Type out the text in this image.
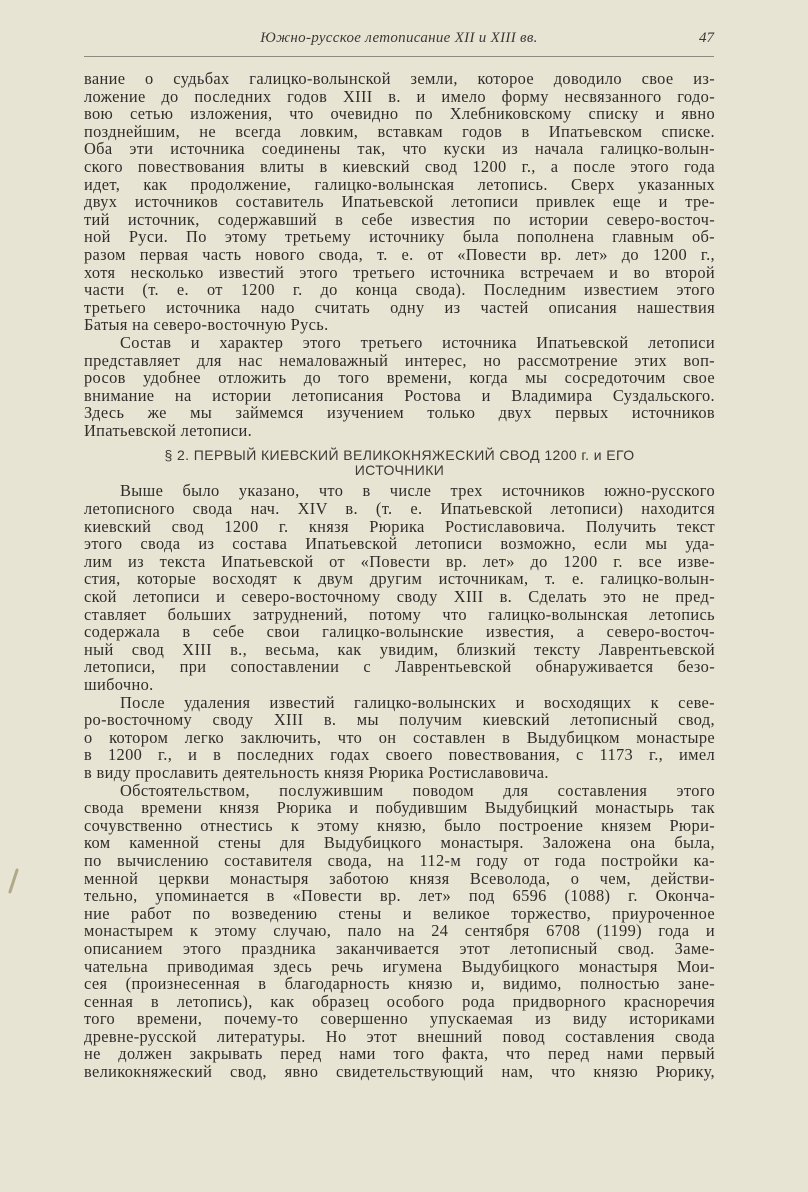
Южно-русское летописание XII и XIII вв.	47
вание о судьбах галицко-волынской земли, которое доводило свое из-
ложение до последних годов XIII в. и имело форму несвязанного годо-
вою сетью изложения, что очевидно по Хлебниковскому списку и явно
позднейшим, не всегда ловким, вставкам годов в Ипатьевском списке.
Оба эти источника соединены так, что куски из начала галицко-волын-
ского повествования влиты в киевский свод 1200 г., а после этого года
идет, как продолжение, галицко-волынская летопись. Сверх указанных
двух источников составитель Ипатьевской летописи привлек еще и тре-
тий источник, содержавший в себе известия по истории северо-восточ-
ной Руси. По этому третьему источнику была пополнена главным об-
разом первая часть нового свода, т. е. от «Повести вр. лет» до 1200 г.,
хотя несколько известий этого третьего источника встречаем и во второй
части (т. е. от 1200 г. до конца свода). Последним известием этого
третьего источника надо считать одну из частей описания нашествия
Батыя на северо-восточную Русь.
Состав и характер этого третьего источника Ипатьевской летописи
представляет для нас немаловажный интерес, но рассмотрение этих воп-
росов удобнее отложить до того времени, когда мы сосредоточим свое
внимание на истории летописания Ростова и Владимира Суздальского.
Здесь же мы займемся изучением только двух первых источников
Ипатьевской летописи.
§ 2. ПЕРВЫЙ КИЕВСКИЙ ВЕЛИКОКНЯЖЕСКИЙ СВОД 1200 г. и ЕГО
ИСТОЧНИКИ
Выше было указано, что в числе трех источников южно-русского
летописного свода нач. XIV в. (т. е. Ипатьевской летописи) находится
киевский свод 1200 г. князя Рюрика Ростиславовича. Получить текст
этого свода из состава Ипатьевской летописи возможно, если мы уда-
лим из текста Ипатьевской от «Повести вр. лет» до 1200 г. все изве-
стия, которые восходят к двум другим источникам, т. е. галицко-волын-
ской летописи и северо-восточному своду XIII в. Сделать это не пред-
ставляет больших затруднений, потому что галицко-волынская летопись
содержала в себе свои галицко-волынские известия, а северо-восточ-
ный свод XIII в., весьма, как увидим, близкий тексту Лаврентьевской
летописи, при сопоставлении с Лаврентьевской обнаруживается безо-
шибочно.
После удаления известий галицко-волынских и восходящих к севе-
ро-восточному своду XIII в. мы получим киевский летописный свод,
о котором легко заключить, что он составлен в Выдубицком монастыре
в 1200 г., и в последних годах своего повествования, с 1173 г., имел
в виду прославить деятельность князя Рюрика Ростиславовича.
Обстоятельством, послужившим поводом для составления этого
свода времени князя Рюрика и побудившим Выдубицкий монастырь так
сочувственно отнестись к этому князю, было построение князем Рюри-
ком каменной стены для Выдубицкого монастыря. Заложена она была,
по вычислению составителя свода, на 112-м году от года постройки ка-
менной церкви монастыря заботою князя Всеволода, о чем, действи-
тельно, упоминается в «Повести вр. лет» под 6596 (1088) г. Оконча-
ние работ по возведению стены и великое торжество, приуроченное
монастырем к этому случаю, пало на 24 сентября 6708 (1199) года и
описанием этого праздника заканчивается этот летописный свод. Заме-
чательна приводимая здесь речь игумена Выдубицкого монастыря Мои-
сея (произнесенная в благодарность князю и, видимо, полностью зане-
сенная в летопись), как образец особого рода придворного красноречия
того времени, почему-то совершенно упускаемая из виду историками
древне-русской литературы. Но этот внешний повод составления свода
не должен закрывать перед нами того факта, что перед нами первый
великокняжеский свод, явно свидетельствующий нам, что князю Рюрику,
